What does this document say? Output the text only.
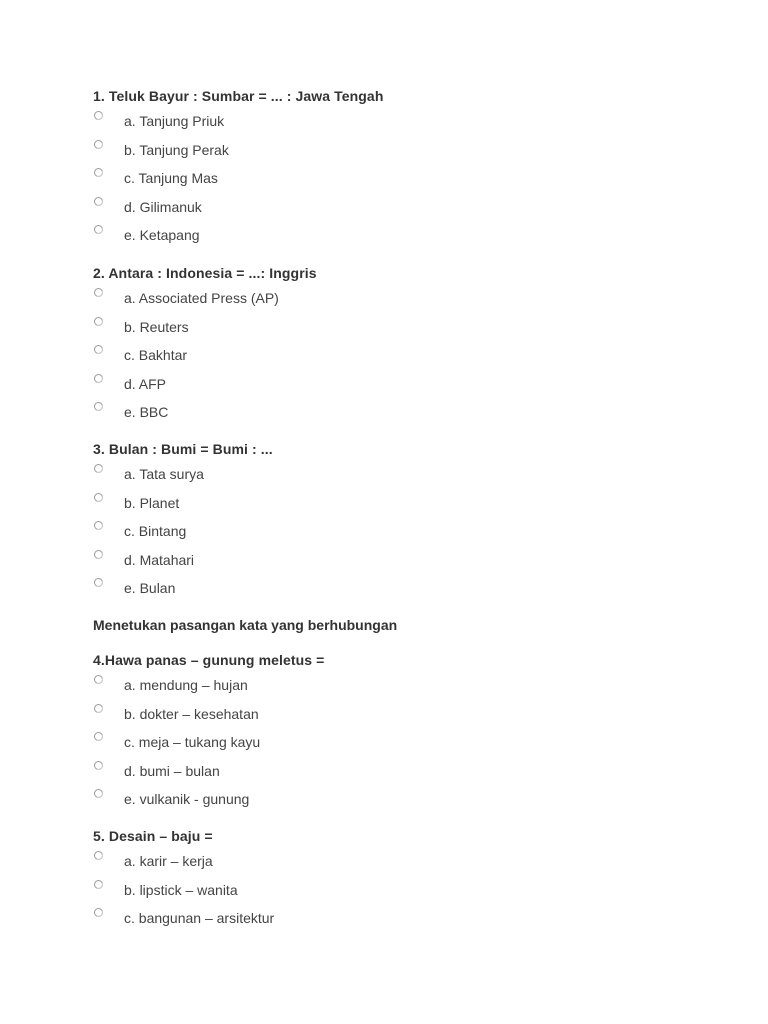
1. Teluk Bayur : Sumbar = ... : Jawa Tengah
a. Tanjung Priuk
b. Tanjung Perak
c. Tanjung Mas
d. Gilimanuk
e. Ketapang
2. Antara : Indonesia = ...: Inggris
a. Associated Press (AP)
b. Reuters
c. Bakhtar
d. AFP
e. BBC
3. Bulan : Bumi = Bumi : ...
a. Tata surya
b. Planet
c. Bintang
d. Matahari
e. Bulan
Menetukan pasangan kata yang berhubungan
4.Hawa panas – gunung meletus =
a. mendung – hujan
b. dokter – kesehatan
c. meja – tukang kayu
d. bumi – bulan
e. vulkanik - gunung
5. Desain – baju =
a. karir – kerja
b. lipstick – wanita
c. bangunan – arsitektur
